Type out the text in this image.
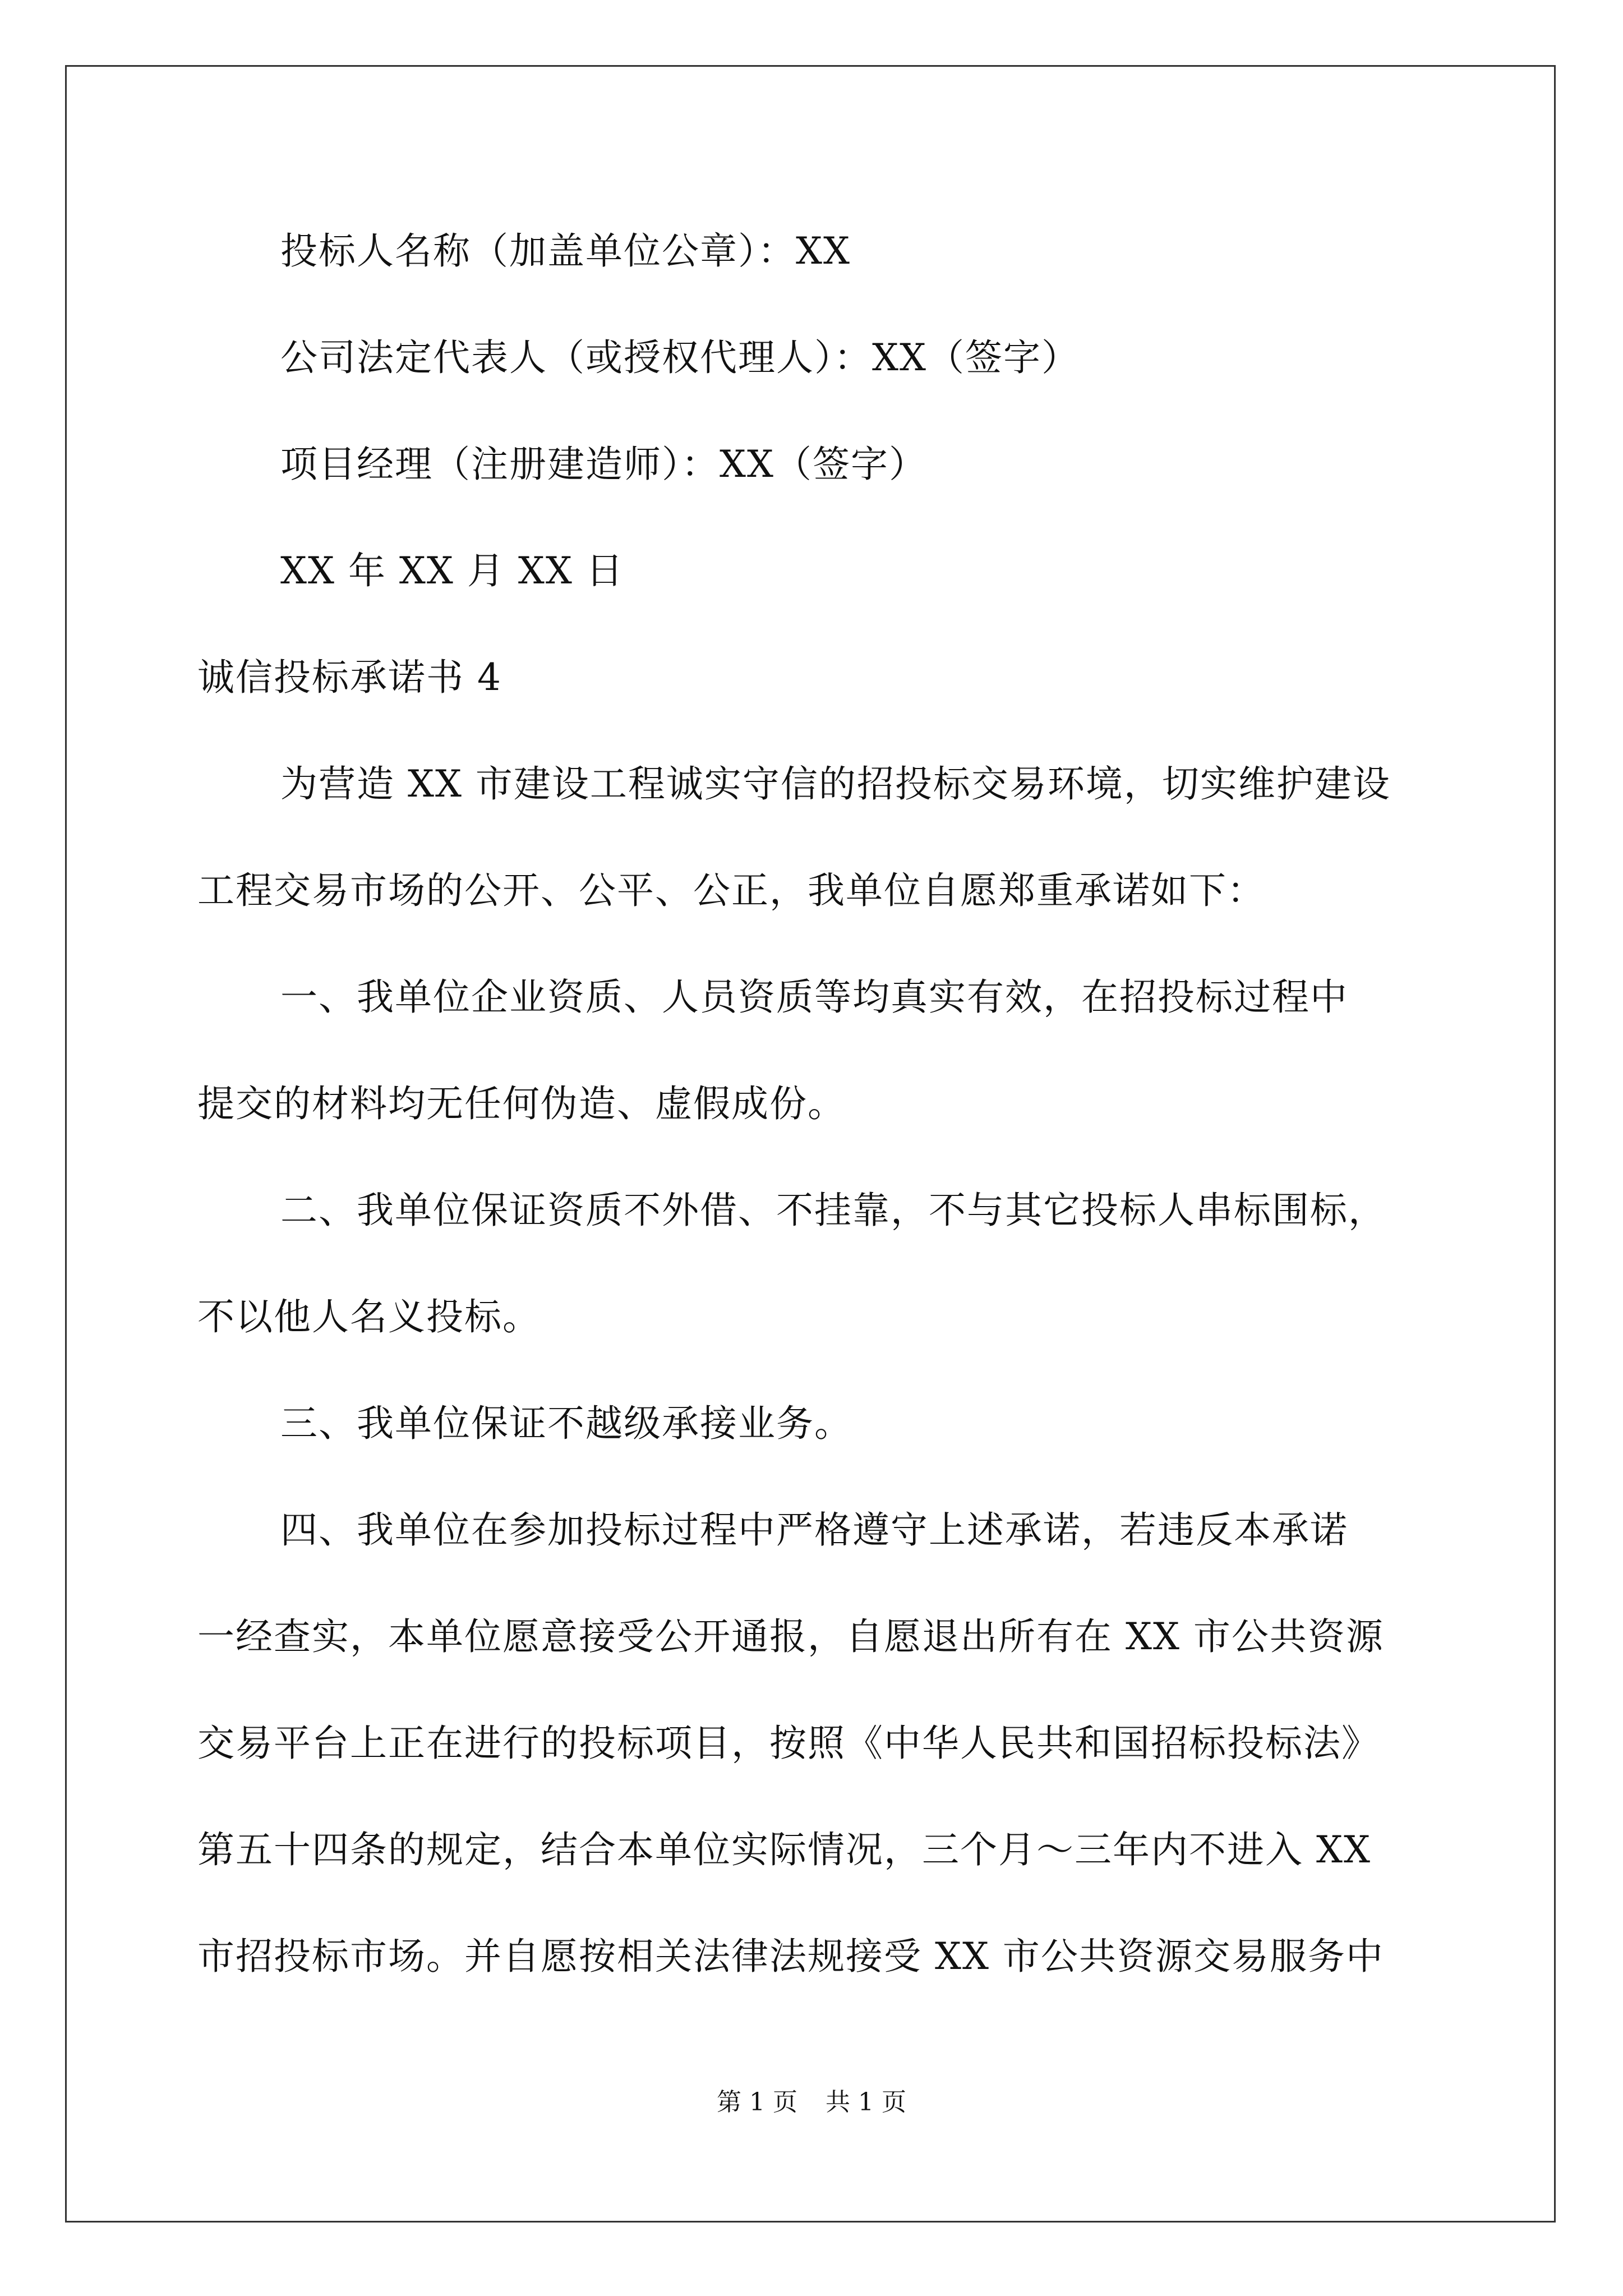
投标人名称（加盖单位公章）：XX
公司法定代表人（或授权代理人）：XX（签字）
项目经理（注册建造师）：XX（签字）
XX 年 XX 月 XX 日
诚信投标承诺书 4
为营造 XX 市建设工程诚实守信的招投标交易环境，切实维护建设
工程交易市场的公开、公平、公正，我单位自愿郑重承诺如下：
一、我单位企业资质、人员资质等均真实有效，在招投标过程中
提交的材料均无任何伪造、虚假成份。
二、我单位保证资质不外借、不挂靠，不与其它投标人串标围标，
不以他人名义投标。
三、我单位保证不越级承接业务。
四、我单位在参加投标过程中严格遵守上述承诺，若违反本承诺
一经查实，本单位愿意接受公开通报，自愿退出所有在 XX 市公共资源
交易平台上正在进行的投标项目，按照《中华人民共和国招标投标法》
第五十四条的规定，结合本单位实际情况，三个月～三年内不进入 XX
市招投标市场。并自愿按相关法律法规接受 XX 市公共资源交易服务中
第 1 页 共 1 页
